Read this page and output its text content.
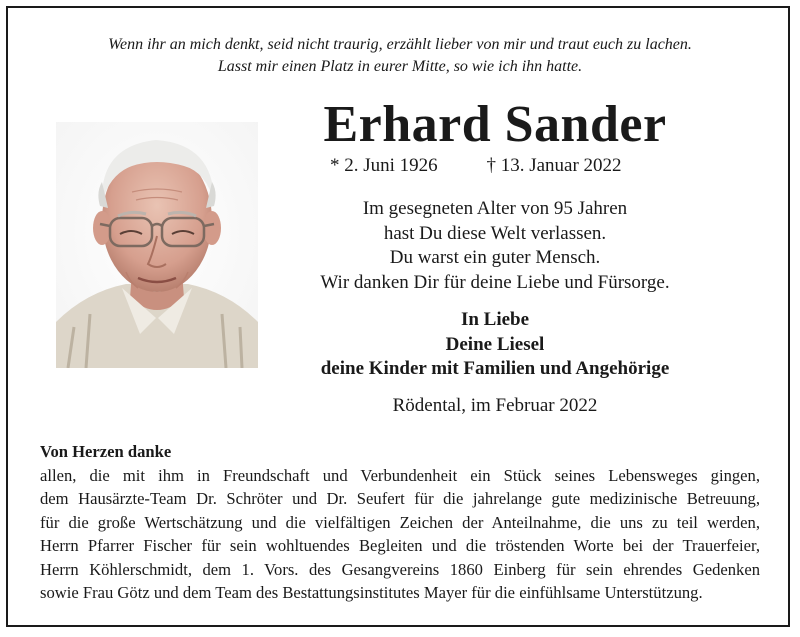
Wenn ihr an mich denkt, seid nicht traurig, erzählt lieber von mir und traut euch zu lachen.
Lasst mir einen Platz in eurer Mitte, so wie ich ihn hatte.
Erhard Sander
* 2. Juni 1926	† 13. Januar 2022
Im gesegneten Alter von 95 Jahren
hast Du diese Welt verlassen.
Du warst ein guter Mensch.
Wir danken Dir für deine Liebe und Fürsorge.
In Liebe
Deine Liesel
deine Kinder mit Familien und Angehörige
Rödental, im Februar 2022
Von Herzen danke
allen, die mit ihm in Freundschaft und Verbundenheit ein Stück seines Lebensweges gingen,
dem Hausärzte-Team Dr. Schröter und Dr. Seufert für die jahrelange gute medizinische Betreuung,
für die große Wertschätzung und die vielfältigen Zeichen der Anteilnahme, die uns zu teil werden,
Herrn Pfarrer Fischer für sein wohltuendes Begleiten und die tröstenden Worte bei der Trauerfeier,
Herrn Köhlerschmidt, dem 1. Vors. des Gesangvereins 1860 Einberg für sein ehrendes Gedenken
sowie Frau Götz und dem Team des Bestattungsinstitutes Mayer für die einfühlsame Unterstützung.
